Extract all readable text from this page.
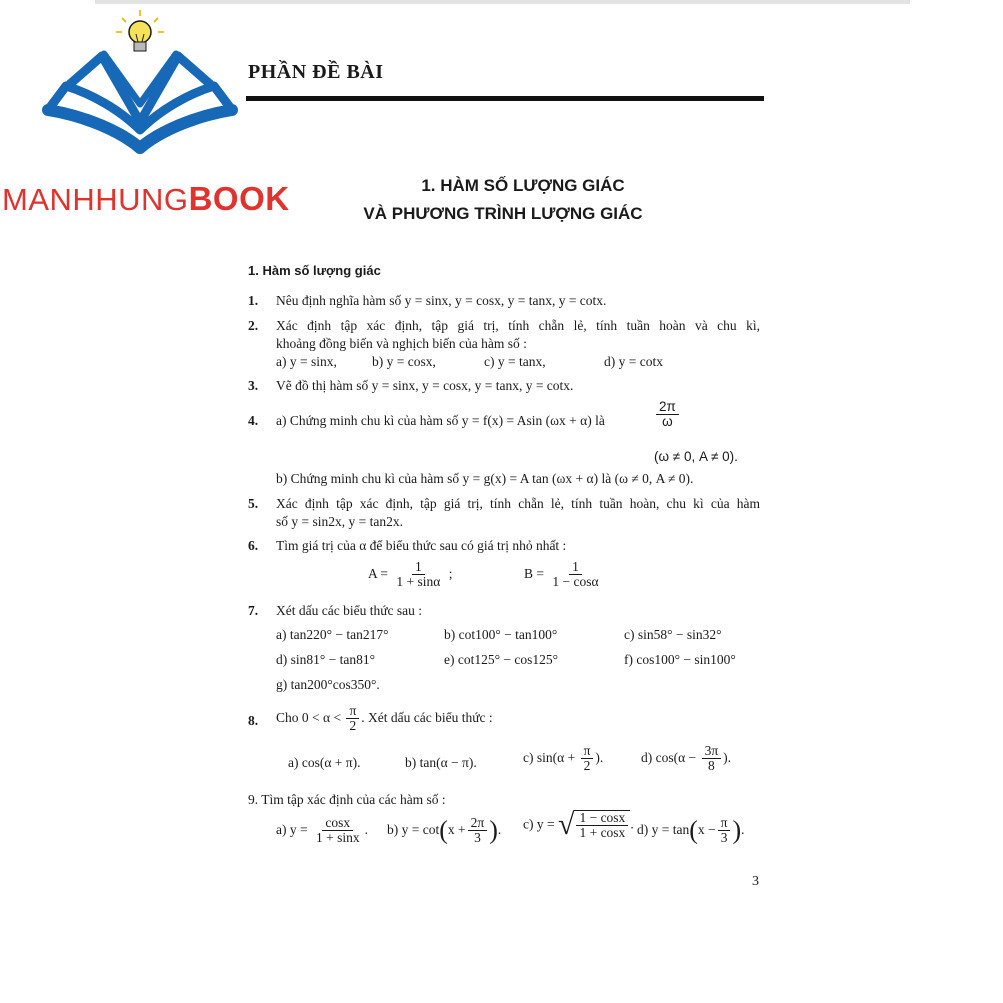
MANHHUNGBOOK
PHẦN ĐỀ BÀI
1. HÀM SỐ LƯỢNG GIÁC
VÀ PHƯƠNG TRÌNH LƯỢNG GIÁC
1. Hàm số lượng giác
1. Nêu định nghĩa hàm số y = sinx, y = cosx, y = tanx, y = cotx.
2. Xác định tập xác định, tập giá trị, tính chẵn lẻ, tính tuần hoàn và chu kì,
khoảng đồng biến và nghịch biến của hàm số :
a) y = sinx,	b) y = cosx,	c) y = tanx,	d) y = cotx
3. Vẽ đồ thị hàm số y = sinx, y = cosx, y = tanx, y = cotx.
4. a) Chứng minh chu kì của hàm số y = f(x) = Asin (ωx + α) là	$\frac{2\pi}{\omega}$
(ω ≠ 0, A ≠ 0).
b) Chứng minh chu kì của hàm số y = g(x) = A tan (ωx + α) là (ω ≠ 0, A ≠ 0).
5. Xác định tập xác định, tập giá trị, tính chẵn lẻ, tính tuần hoàn, chu kì của hàm
số y = sin2x, y = tan2x.
6. Tìm giá trị của α để biểu thức sau có giá trị nhỏ nhất :
$A = \frac{1}{1 + \sin\alpha}$ ;	$B = \frac{1}{1 - \cos\alpha}$
7. Xét dấu các biểu thức sau :
a) tan220° − tan217°	b) cot100° − tan100°	c) sin58° − sin32°
d) sin81° − tan81°	e) cot125° − cos125°	f) cos100° − sin100°
g) tan200°cos350°.
8. Cho $0 < \alpha < \frac{\pi}{2}$ . Xét dấu các biểu thức :
a) cos(α + π).	b) tan(α − π).	c) $\sin(\alpha + \frac{\pi}{2}$ ).	d) $\cos(\alpha - \frac{3\pi}{8}$ ).
9. Tìm tập xác định của các hàm số :
a) $y = \frac{\cos x}{1 + \sin x}$ . b) $y = \cot(x + \frac{2\pi}{3}$ ). c) y = √ $\frac{1 - \cos x}{1 + \cos x}$ . d) $y = \tan(x - \frac{\pi}{3}$ ).
3
